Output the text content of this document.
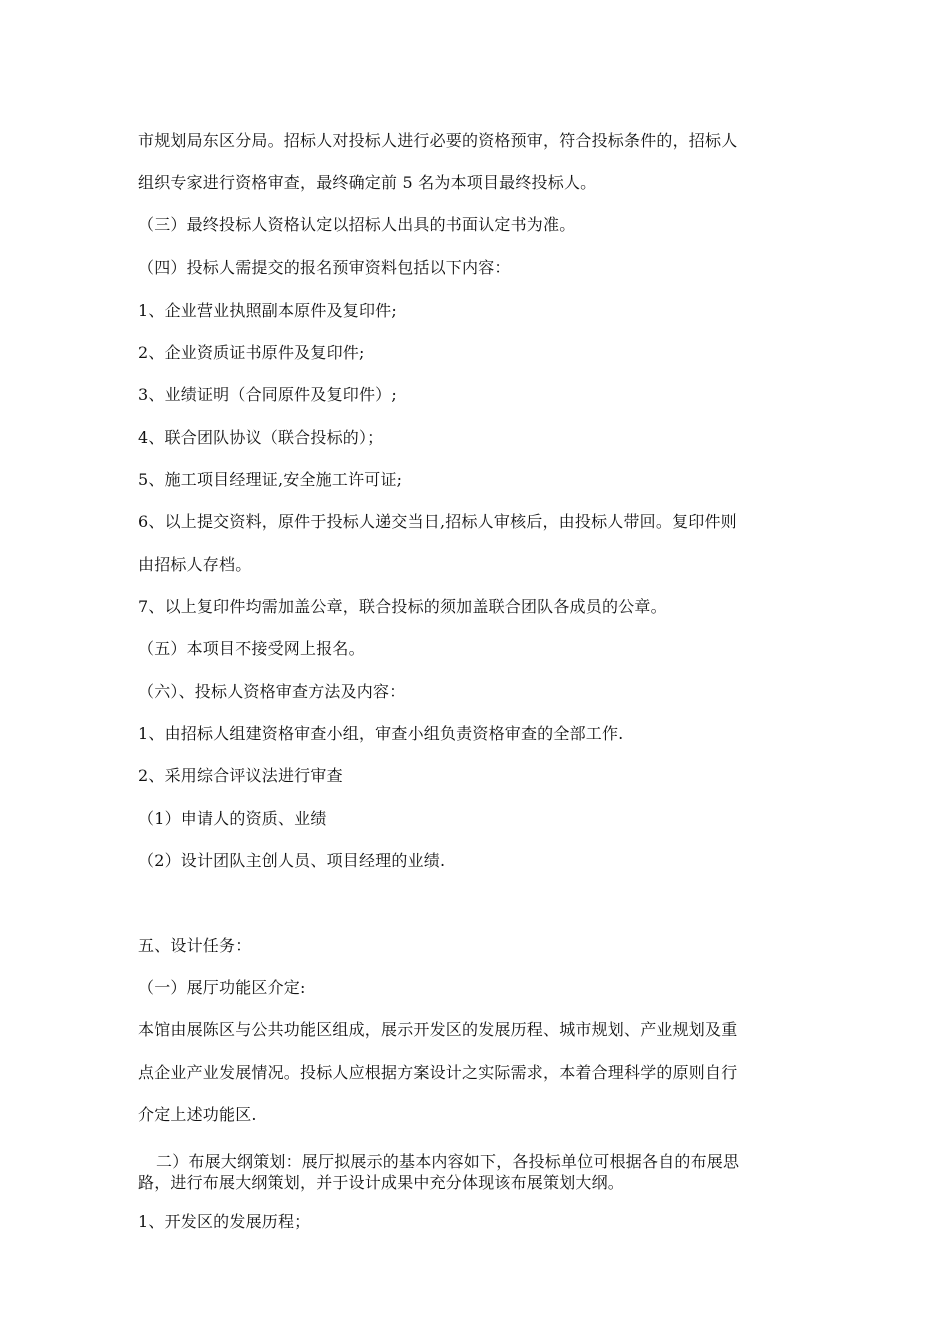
市规划局东区分局。招标人对投标人进行必要的资格预审，符合投标条件的，招标人
组织专家进行资格审查，最终确定前 5 名为本项目最终投标人。
（三）最终投标人资格认定以招标人出具的书面认定书为准。
（四）投标人需提交的报名预审资料包括以下内容：
1、企业营业执照副本原件及复印件;
2、企业资质证书原件及复印件;
3、业绩证明（合同原件及复印件）;
4、联合团队协议（联合投标的）；
5、施工项目经理证,安全施工许可证;
6、以上提交资料，原件于投标人递交当日,招标人审核后，由投标人带回。复印件则
由招标人存档。
7、以上复印件均需加盖公章，联合投标的须加盖联合团队各成员的公章。
（五）本项目不接受网上报名。
（六）、投标人资格审查方法及内容：
1、由招标人组建资格审查小组，审查小组负责资格审查的全部工作.
2、采用综合评议法进行审查
（1）申请人的资质、业绩
（2）设计团队主创人员、项目经理的业绩.
五、设计任务：
（一）展厅功能区介定:
本馆由展陈区与公共功能区组成，展示开发区的发展历程、城市规划、产业规划及重
点企业产业发展情况。投标人应根据方案设计之实际需求，本着合理科学的原则自行
介定上述功能区.
二）布展大纲策划：展厅拟展示的基本内容如下，各投标单位可根据各自的布展思
路，进行布展大纲策划，并于设计成果中充分体现该布展策划大纲。
1、开发区的发展历程；
